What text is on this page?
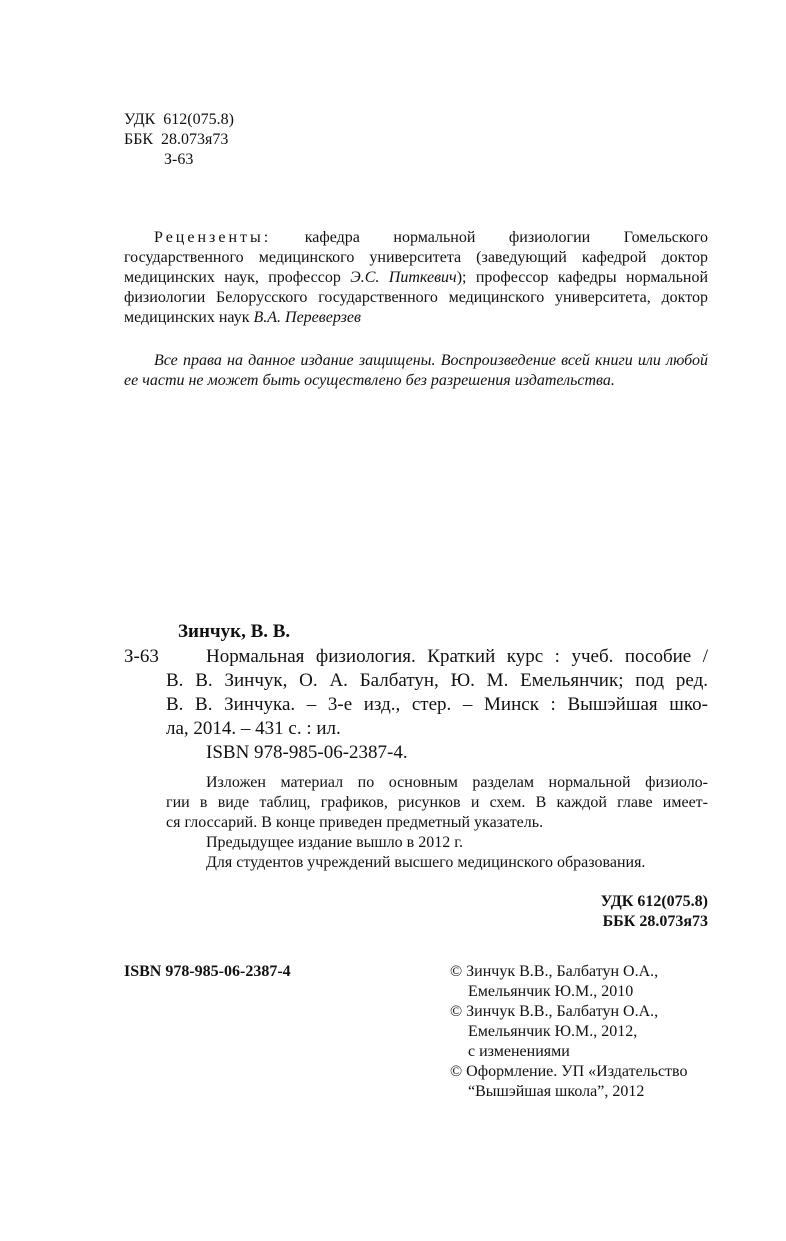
УДК 612(075.8)
ББК 28.073я73
З-63

Рецензенты: кафедра нормальной физиологии Гомельского государственного медицинского университета (заведующий кафедрой доктор медицинских наук, профессор Э.С. Питкевич); профессор кафедры нормальной физиологии Белорусского государственного медицинского университета, доктор медицинских наук В.А. Переверзев

Все права на данное издание защищены. Воспроизведение всей книги или любой ее части не может быть осуществлено без разрешения издательства.

Зинчук, В. В.
З-63	Нормальная физиология. Краткий курс : учеб. пособие /
В. В. Зинчук, О. А. Балбатун, Ю. М. Емельянчик; под ред.
В. В. Зинчука. – 3-е изд., стер. – Минск : Вышэйшая шко-
ла, 2014. – 431 с. : ил.
ISBN 978-985-06-2387-4.
Изложен материал по основным разделам нормальной физиоло-
гии в виде таблиц, графиков, рисунков и схем. В каждой главе имеет-
ся глоссарий. В конце приведен предметный указатель.
Предыдущее издание вышло в 2012 г.
Для студентов учреждений высшего медицинского образования.
УДК 612(075.8)
ББК 28.073я73
ISBN 978-985-06-2387-4	© Зинчук В.В., Балбатун О.А.,
Емельянчик Ю.М., 2010
© Зинчук В.В., Балбатун О.А.,
Емельянчик Ю.М., 2012,
с изменениями
© Оформление. УП «Издательство
“Вышэйшая школа”, 2012
